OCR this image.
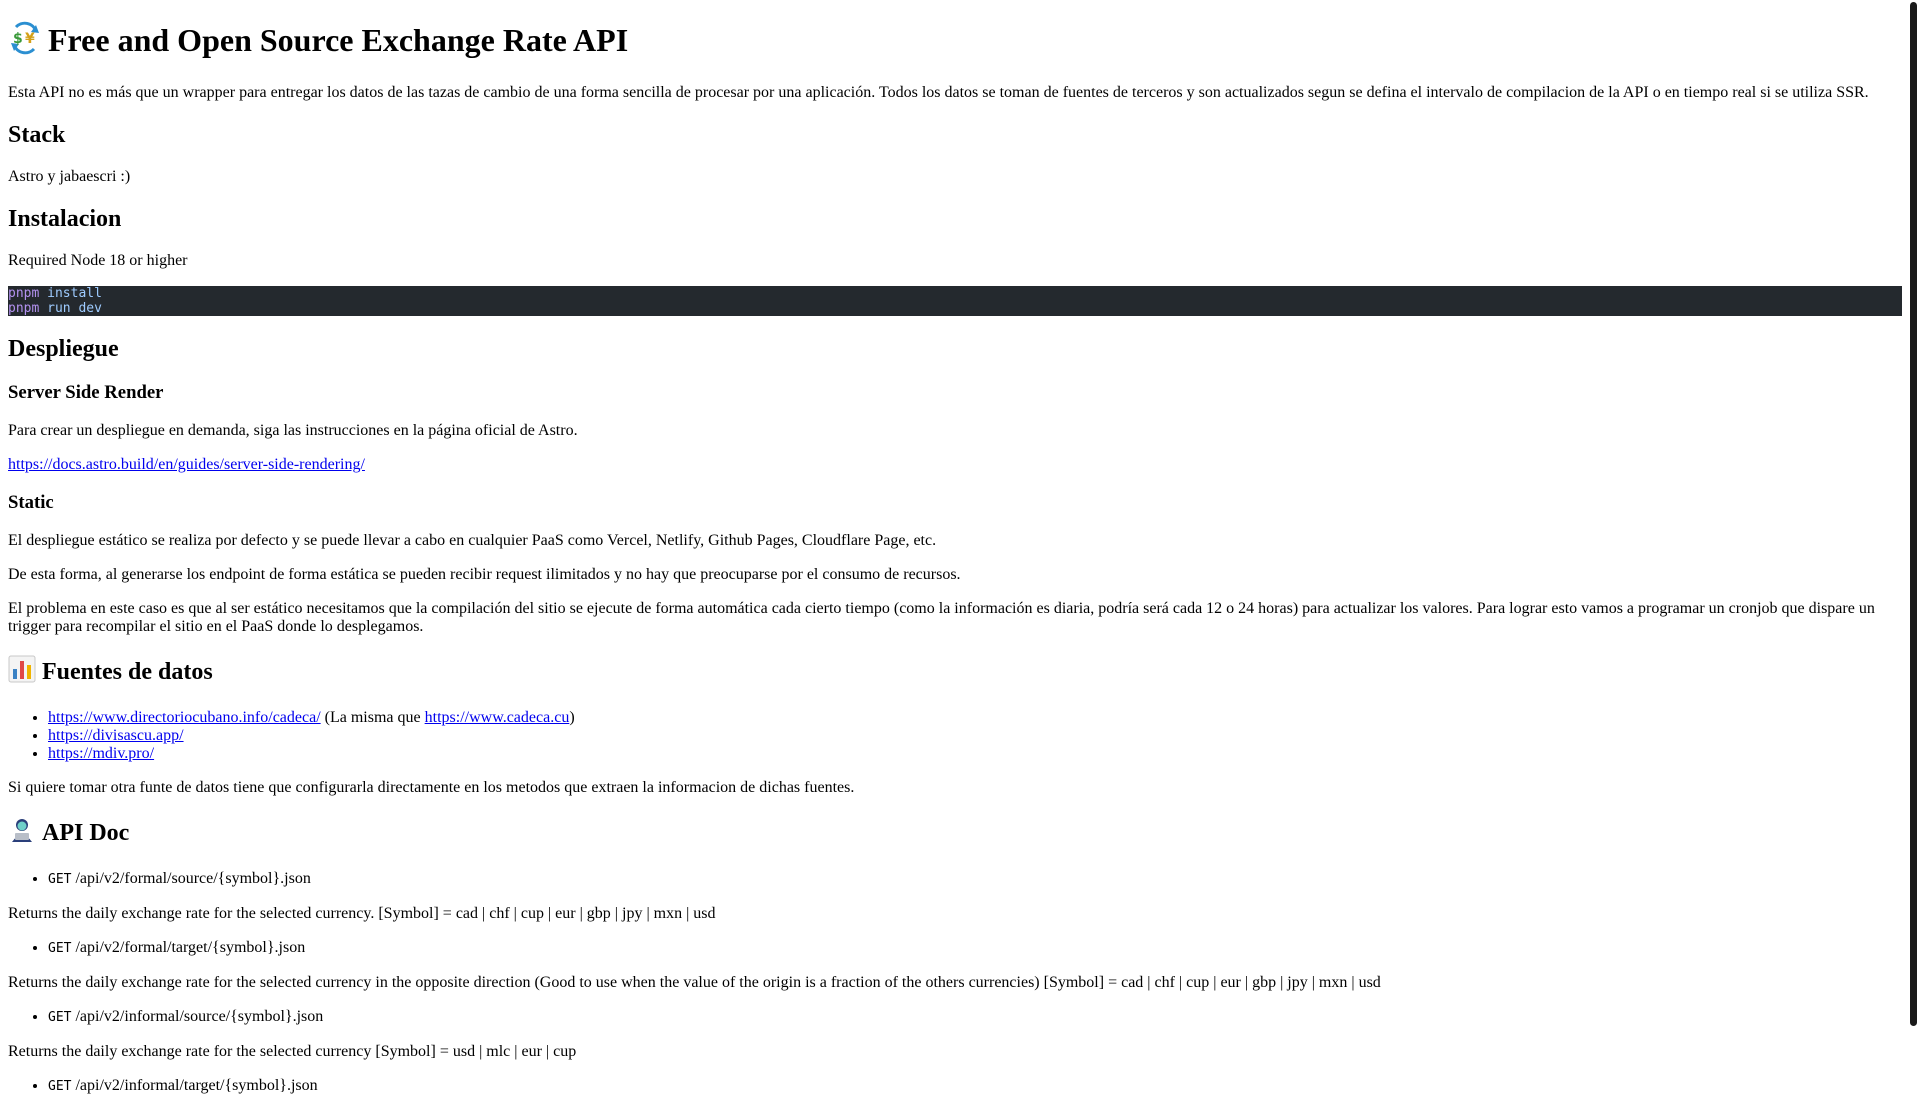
$ ¥ Free and Open Source Exchange Rate API

Esta API no es más que un wrapper para entregar los datos de las tazas de cambio de una forma sencilla de procesar por una aplicación. Todos los datos se toman de fuentes de terceros y son actualizados segun se defina el intervalo de compilacion de la API o en tiempo real si se utiliza SSR.

Stack

Astro y jabaescri :)

Instalacion

Required Node 18 or higher

pnpm install
pnpm run dev
Despliegue
Server Side Render

Para crear un despliegue en demanda, siga las instrucciones en la página oficial de Astro.

https://docs.astro.build/en/guides/server-side-rendering/

Static

El despliegue estático se realiza por defecto y se puede llevar a cabo en cualquier PaaS como Vercel, Netlify, Github Pages, Cloudflare Page, etc.

De esta forma, al generarse los endpoint de forma estática se pueden recibir request ilimitados y no hay que preocuparse por el consumo de recursos.

El problema en este caso es que al ser estático necesitamos que la compilación del sitio se ejecute de forma automática cada cierto tiempo (como la información es diaria, podría será cada 12 o 24 horas) para actualizar los valores. Para lograr esto vamos a programar un cronjob que dispare un trigger para recompilar el sitio en el PaaS donde lo desplegamos.

Fuentes de datos
• https://www.directoriocubano.info/cadeca/ (La misma que https://www.cadeca.cu)
• https://divisascu.app/
• https://mdiv.pro/

Si quiere tomar otra funte de datos tiene que configurarla directamente en los metodos que extraen la informacion de dichas fuentes.

API Doc
• GET /api/v2/formal/source/{symbol}.json

Returns the daily exchange rate for the selected currency. [Symbol] = cad | chf | cup | eur | gbp | jpy | mxn | usd

• GET /api/v2/formal/target/{symbol}.json

Returns the daily exchange rate for the selected currency in the opposite direction (Good to use when the value of the origin is a fraction of the others currencies) [Symbol] = cad | chf | cup | eur | gbp | jpy | mxn | usd

• GET /api/v2/informal/source/{symbol}.json

Returns the daily exchange rate for the selected currency [Symbol] = usd | mlc | eur | cup

• GET /api/v2/informal/target/{symbol}.json
